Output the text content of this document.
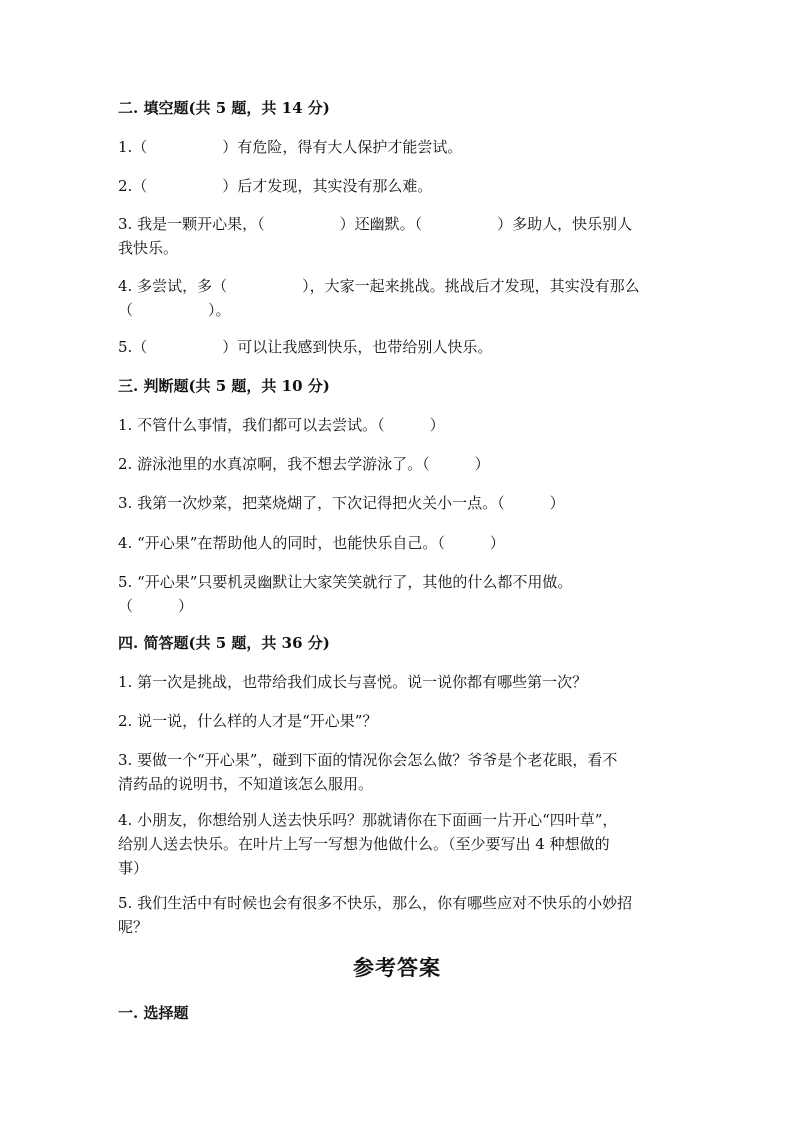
二. 填空题(共 5 题，共 14 分)
1.（　　　　　）有危险，得有大人保护才能尝试。
2.（　　　　　）后才发现，其实没有那么难。
3. 我是一颗开心果，（　　　　　）还幽默。（　　　　　）多助人，快乐别人
我快乐。
4. 多尝试，多（　　　　　），大家一起来挑战。挑战后才发现，其实没有那么
（　　　　　）。
5.（　　　　　）可以让我感到快乐，也带给别人快乐。
三. 判断题(共 5 题，共 10 分)
1. 不管什么事情，我们都可以去尝试。（　　　）
2. 游泳池里的水真凉啊，我不想去学游泳了。（　　　）
3. 我第一次炒菜，把菜烧煳了，下次记得把火关小一点。（　　　）
4. “开心果”在帮助他人的同时，也能快乐自己。（　　　）
5. “开心果”只要机灵幽默让大家笑笑就行了，其他的什么都不用做。
（　　　）
四. 简答题(共 5 题，共 36 分)
1. 第一次是挑战，也带给我们成长与喜悦。说一说你都有哪些第一次？
2. 说一说，什么样的人才是“开心果”？
3. 要做一个“开心果”，碰到下面的情况你会怎么做？爷爷是个老花眼，看不
清药品的说明书，不知道该怎么服用。
4. 小朋友，你想给别人送去快乐吗？那就请你在下面画一片开心“四叶草”，
给别人送去快乐。在叶片上写一写想为他做什么。（至少要写出 4 种想做的
事）
5. 我们生活中有时候也会有很多不快乐，那么，你有哪些应对不快乐的小妙招
呢？
参考答案
一. 选择题
